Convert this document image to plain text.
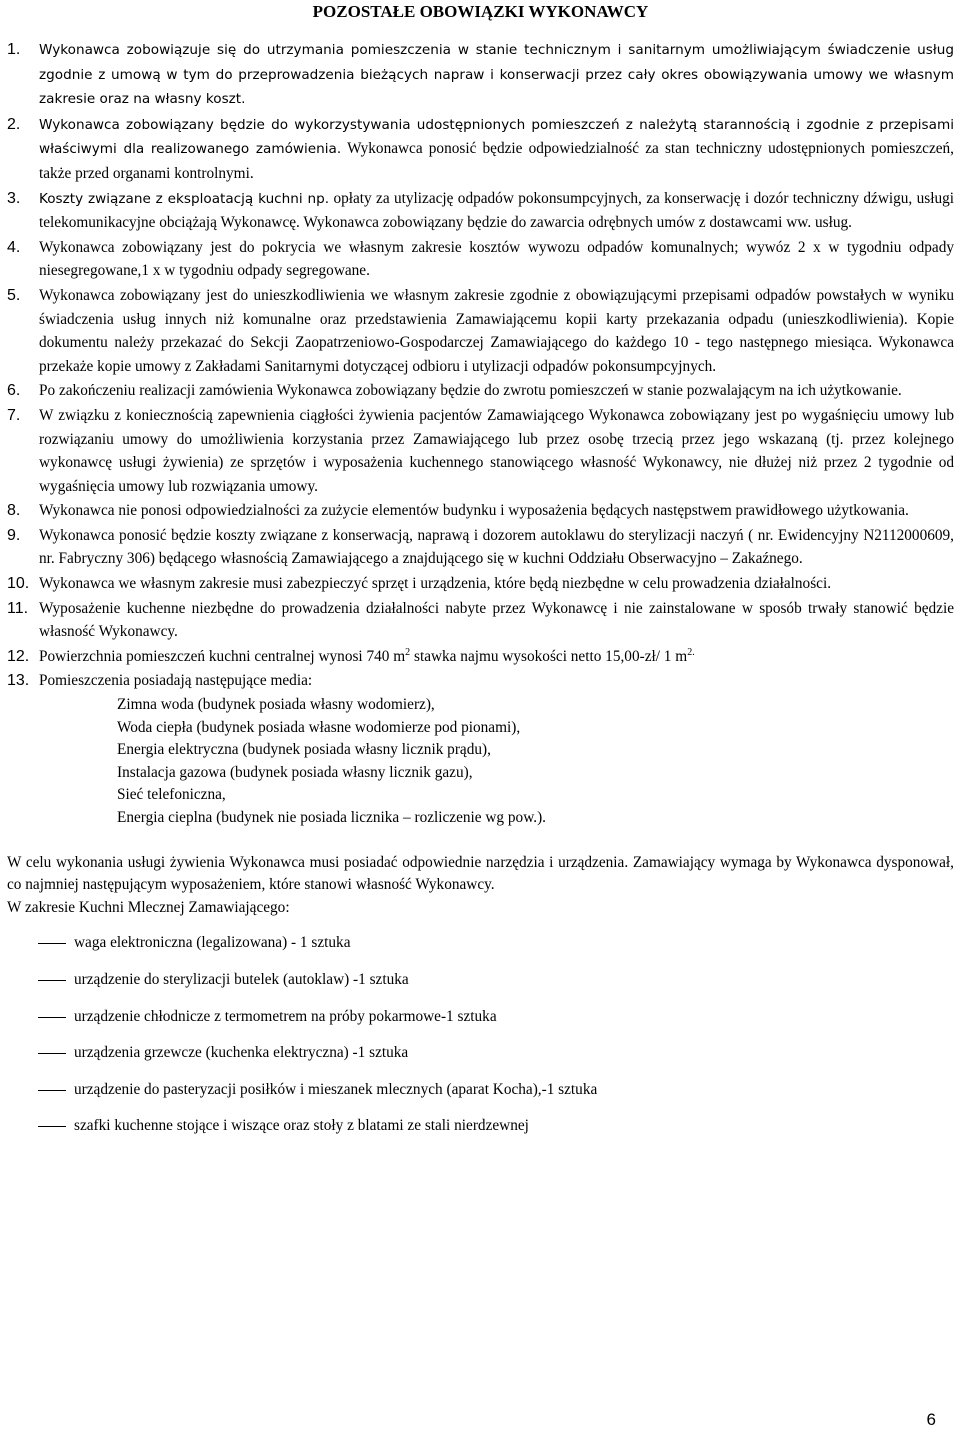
POZOSTAŁE OBOWIĄZKI WYKONAWCY
1. Wykonawca zobowiązuje się do utrzymania pomieszczenia w stanie technicznym i sanitarnym umożliwiającym świadczenie usług zgodnie z umową w tym do przeprowadzenia bieżących napraw i konserwacji przez cały okres obowiązywania umowy we własnym zakresie oraz na własny koszt.
2. Wykonawca zobowiązany będzie do wykorzystywania udostępnionych pomieszczeń z należytą starannością i zgodnie z przepisami właściwymi dla realizowanego zamówienia. Wykonawca ponosić będzie odpowiedzialność za stan techniczny udostępnionych pomieszczeń, także przed organami kontrolnymi.
3. Koszty związane z eksploatacją kuchni np. opłaty za utylizację odpadów pokonsumpcyjnych, za konserwację i dozór techniczny dźwigu, usługi telekomunikacyjne obciążają Wykonawcę. Wykonawca zobowiązany będzie do zawarcia odrębnych umów z dostawcami ww. usług.
4. Wykonawca zobowiązany jest do pokrycia we własnym zakresie kosztów wywozu odpadów komunalnych; wywóz 2 x w tygodniu odpady niesegregowane,1 x w tygodniu odpady segregowane.
5. Wykonawca zobowiązany jest do unieszkodliwienia we własnym zakresie zgodnie z obowiązującymi przepisami odpadów powstałych w wyniku świadczenia usług innych niż komunalne oraz przedstawienia Zamawiającemu kopii karty przekazania odpadu (unieszkodliwienia). Kopie dokumentu należy przekazać do Sekcji Zaopatrzeniowo-Gospodarczej Zamawiającego do każdego 10 - tego następnego miesiąca. Wykonawca przekaże kopie umowy z Zakładami Sanitarnymi dotyczącej odbioru i utylizacji odpadów pokonsumpcyjnych.
6. Po zakończeniu realizacji zamówienia Wykonawca zobowiązany będzie do zwrotu pomieszczeń w stanie pozwalającym na ich użytkowanie.
7. W związku z koniecznością zapewnienia ciągłości żywienia pacjentów Zamawiającego Wykonawca zobowiązany jest po wygaśnięciu umowy lub rozwiązaniu umowy do umożliwienia korzystania przez Zamawiającego lub przez osobę trzecią przez jego wskazaną (tj. przez kolejnego wykonawcę usługi żywienia) ze sprzętów i wyposażenia kuchennego stanowiącego własność Wykonawcy, nie dłużej niż przez 2 tygodnie od wygaśnięcia umowy lub rozwiązania umowy.
8. Wykonawca nie ponosi odpowiedzialności za zużycie elementów budynku i wyposażenia będących następstwem prawidłowego użytkowania.
9. Wykonawca ponosić będzie koszty związane z konserwacją, naprawą i dozorem autoklawu do sterylizacji naczyń ( nr. Ewidencyjny N2112000609, nr. Fabryczny 306) będącego własnością Zamawiającego a znajdującego się w kuchni Oddziału Obserwacyjno – Zakaźnego.
10. Wykonawca we własnym zakresie musi zabezpieczyć sprzęt i urządzenia, które będą niezbędne w celu prowadzenia działalności.
11. Wyposażenie kuchenne niezbędne do prowadzenia działalności nabyte przez Wykonawcę i nie zainstalowane w sposób trwały stanowić będzie własność Wykonawcy.
12. Powierzchnia pomieszczeń kuchni centralnej wynosi 740 $m^2$ stawka najmu wysokości netto 15,00-zł/ 1 $m^{2.}$
13. Pomieszczenia posiadają następujące media:
Zimna woda (budynek posiada własny wodomierz),
Woda ciepła (budynek posiada własne wodomierze pod pionami),
Energia elektryczna (budynek posiada własny licznik prądu),
Instalacja gazowa (budynek posiada własny licznik gazu),
Sieć telefoniczna,
Energia cieplna (budynek nie posiada licznika – rozliczenie wg pow.).

W celu wykonania usługi żywienia Wykonawca musi posiadać odpowiednie narzędzia i urządzenia. Zamawiający wymaga by Wykonawca dysponował, co najmniej następującym wyposażeniem, które stanowi własność Wykonawcy.

W zakresie Kuchni Mlecznej Zamawiającego:

waga elektroniczna (legalizowana) - 1 sztuka
urządzenie do sterylizacji butelek (autoklaw) -1 sztuka
urządzenie chłodnicze z termometrem na próby pokarmowe-1 sztuka
urządzenia grzewcze (kuchenka elektryczna) -1 sztuka
urządzenie do pasteryzacji posiłków i mieszanek mlecznych (aparat Kocha),-1 sztuka
szafki kuchenne stojące i wiszące oraz stoły z blatami ze stali nierdzewnej
6
